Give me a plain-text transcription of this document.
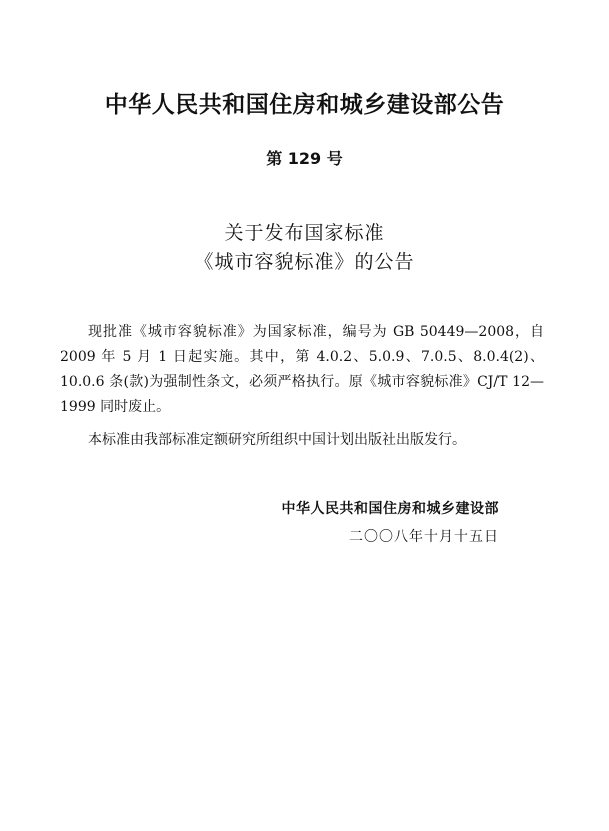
中华人民共和国住房和城乡建设部公告
第 129 号
关于发布国家标准
《城市容貌标准》的公告

现批准《城市容貌标准》为国家标准，编号为 GB 50449—2008，自 2009 年 5 月 1 日起实施。其中，第 4.0.2、5.0.9、7.0.5、8.0.4(2)、10.0.6 条(款)为强制性条文，必须严格执行。原《城市容貌标准》CJ/T 12—1999 同时废止。

本标准由我部标准定额研究所组织中国计划出版社出版发行。

中华人民共和国住房和城乡建设部
二〇〇八年十月十五日
